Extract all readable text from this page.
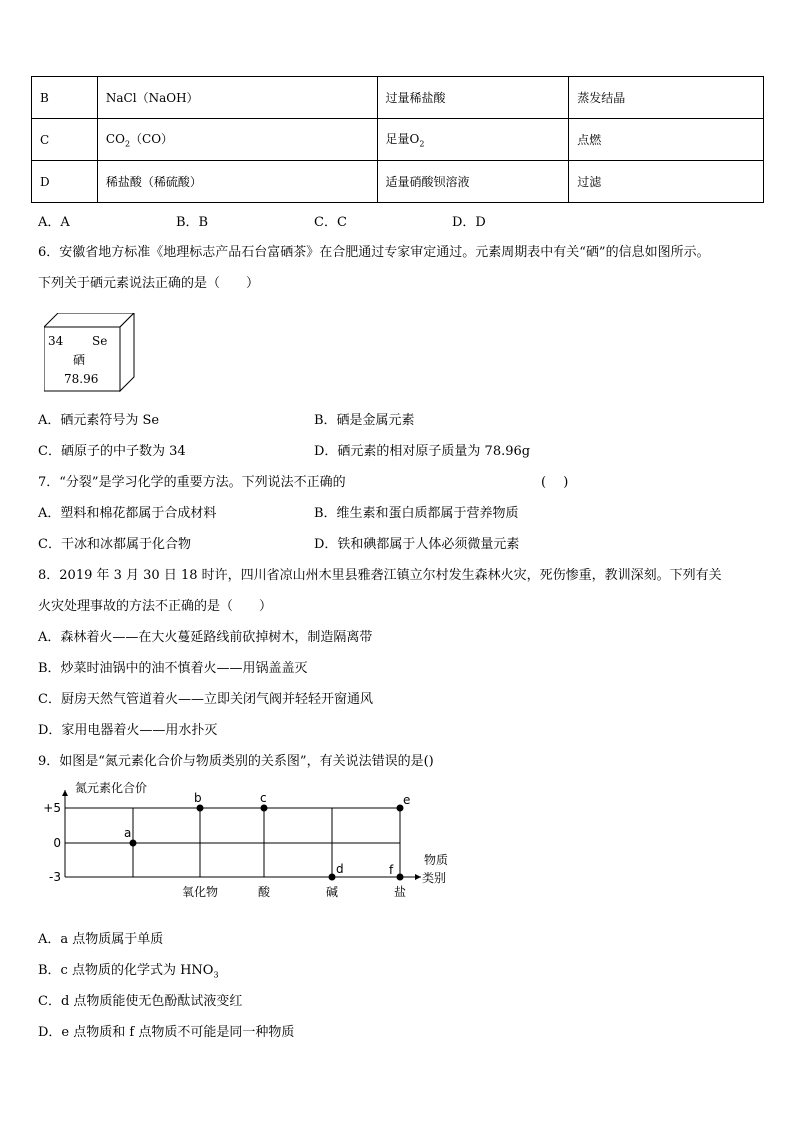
B	NaCl（NaOH）	过量稀盐酸	蒸发结晶
C	$CO_2(CO)$	足量$O_2$	点燃
D	稀盐酸（稀硫酸）	适量硝酸钡溶液	过滤
A．A	B．B	C．C	D．D
6．安徽省地方标准《地理标志产品石台富硒茶》在合肥通过专家审定通过。元素周期表中有关“硒”的信息如图所示。
下列关于硒元素说法正确的是（　　）
34 Se
硒
78.96
A．硒元素符号为 Se	B．硒是金属元素
C．硒原子的中子数为 34	D．硒元素的相对原子质量为 78.96g
7．“分裂”是学习化学的重要方法。下列说法不正确的	(　 )
A．塑料和棉花都属于合成材料	B．维生素和蛋白质都属于营养物质
C．干冰和冰都属于化合物	D．铁和碘都属于人体必须微量元素
8．2019 年 3 月 30 日 18 时许，四川省凉山州木里县雅砻江镇立尔村发生森林火灾，死伤惨重，教训深刻。下列有关
火灾处理事故的方法不正确的是（　　）
A．森林着火——在大火蔓延路线前砍掉树木，制造隔离带
B．炒菜时油锅中的油不慎着火——用锅盖盖灭
C．厨房天然气管道着火——立即关闭气阀并轻轻开窗通风
D．家用电器着火——用水扑灭
9．如图是“氮元素化合价与物质类别的关系图”，有关说法错误的是()
+5
0
-3
氮元素化合价
物质
类别
氧化物	酸	碱	盐
a
b	c
d
e
f
A．a 点物质属于单质
B．c 点物质的化学式为 $HNO_3$
C．d 点物质能使无色酚酞试液变红
D．e 点物质和 f 点物质不可能是同一种物质
